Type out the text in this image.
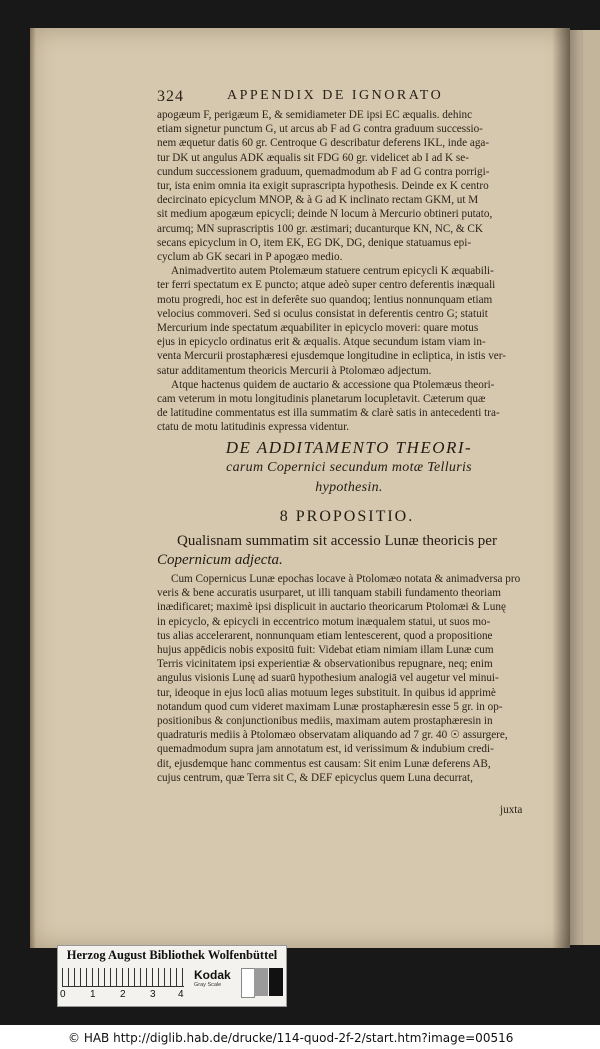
324	APPENDIX DE IGNORATO
apogæum F, perigæum E, & semidiameter DE ipsi EC æqualis. dehinc
etiam signetur punctum G, ut arcus ab F ad G contra graduum successio-
nem æquetur datis 60 gr. Centroque G describatur deferens IKL, inde aga-
tur DK ut angulus ADK æqualis sit FDG 60 gr. videlicet ab I ad K se-
cundum successionem graduum, quemadmodum ab F ad G contra porrigi-
tur, ista enim omnia ita exigit suprascripta hypothesis. Deinde ex K centro
decircinato epicyclum MNOP, & à G ad K inclinato rectam GKM, ut M
sit medium apogæum epicycli; deinde N locum à Mercurio obtineri putato,
arcumq; MN suprascriptis 100 gr. æstimari; ducanturque KN, NC, & CK
secans epicyclum in O, item EK, EG DK, DG, denique statuamus epi-
cyclum ab GK secari in P apogæo medio.
Animadvertito autem Ptolemæum statuere centrum epicycli K æquabili-
ter ferri spectatum ex E puncto; atque adeò super centro deferentis inæquali
motu progredi, hoc est in deferête suo quandoq; lentius nonnunquam etiam
velocius commoveri. Sed si oculus consistat in deferentis centro G; statuit
Mercurium inde spectatum æquabiliter in epicyclo moveri: quare motus
ejus in epicyclo ordinatus erit & æqualis. Atque secundum istam viam in-
venta Mercurii prostaphæresi ejusdemque longitudine in ecliptica, in istis ver-
satur additamentum theoricis Mercurii à Ptolomæo adjectum.
Atque hactenus quidem de auctario & accessione qua Ptolemæus theori-
cam veterum in motu longitudinis planetarum locupletavit. Cæterum quæ
de latitudine commentatus est illa summatim & clarè satis in antecedenti tra-
ctatu de motu latitudinis expressa videntur.
DE ADDITAMENTO THEORI-
carum Copernici secundum motæ Telluris
hypothesin.
8 PROPOSITIO.
Qualisnam summatim sit accessio Lunæ theoricis per
Copernicum adjecta.
Cum Copernicus Lunæ epochas locave à Ptolomæo notata & animadversa pro
veris & bene accuratis usurparet, ut illi tanquam stabili fundamento theoriam
inædificaret; maximè ipsi displicuit in auctario theoricarum Ptolomæi & Lunę
in epicyclo, & epicycli in eccentrico motum inæqualem statui, ut suos mo-
tus alias accelerarent, nonnunquam etiam lentescerent, quod a propositione
hujus appēdicis nobis expositū fuit: Videbat etiam nimiam illam Lunæ cum
Terris vicinitatem ipsi experientiæ & observationibus repugnare, neq; enim
angulus visionis Lunę ad suarū hypothesium analogiā vel augetur vel minui-
tur, ideoque in ejus locū alias motuum leges substituit. In quibus id apprimè
notandum quod cum videret maximam Lunæ prostaphæresin esse 5 gr. in op-
positionibus & conjunctionibus mediis, maximam autem prostaphæresin in
quadraturis mediis à Ptolomæo observatam aliquando ad 7 gr. 40 ☉ assurgere,
quemadmodum supra jam annotatum est, id verissimum & indubium credi-
dit, ejusdemque hanc commentus est causam: Sit enim Lunæ deferens AB,
cujus centrum, quæ Terra sit C, & DEF epicyclus quem Luna decurrat,
juxta
Herzog August Bibliothek Wolfenbüttel
0 1 2 3 4
Kodak
Gray Scale
© HAB http://diglib.hab.de/drucke/114-quod-2f-2/start.htm?image=00516
